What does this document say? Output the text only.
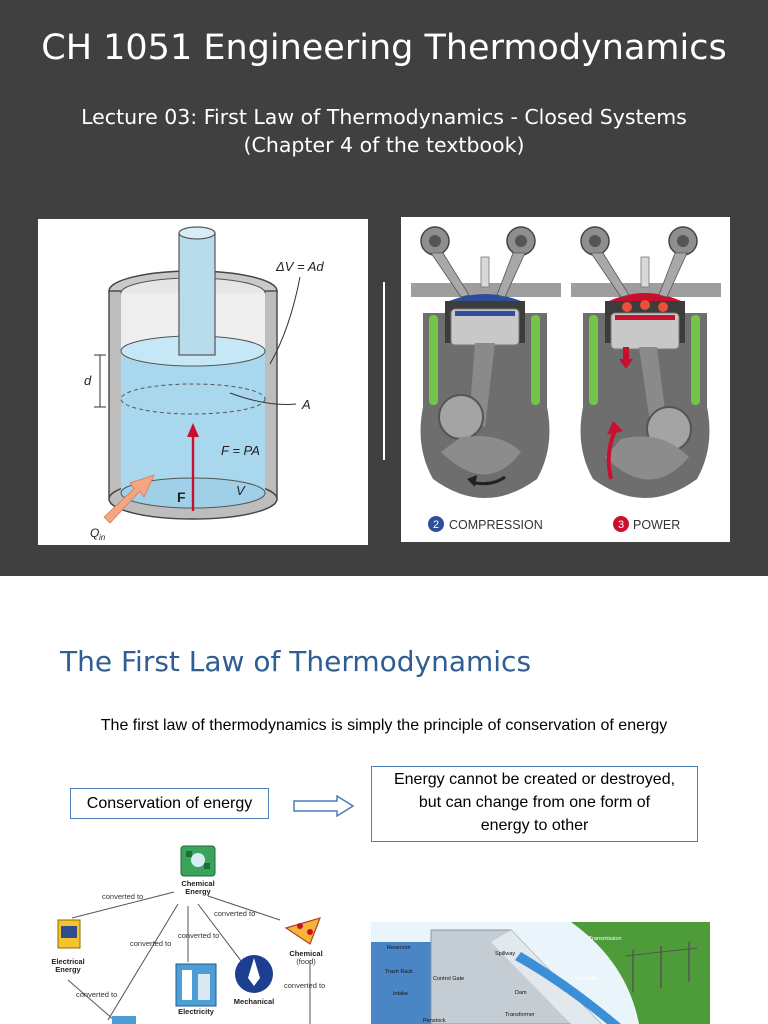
CH 1051 Engineering Thermodynamics
Lecture 03: First Law of Thermodynamics - Closed Systems
(Chapter 4 of the textbook)
d
ΔV = Ad
A
F = PA
F	V
Q in
2 COMPRESSION	3 POWER
The First Law of Thermodynamics

The first law of thermodynamics is simply the principle of conservation of energy

Conservation of energy
Energy cannot be created or destroyed,
but can change from one form of
energy to other
Chemical
Energy
Electrical
Energy
Chemical
(food)
Electricity
Mechanical
converted to
converted to
converted to
converted to
converted to
converted to
Reservoir
Spillway
Transmission
Trash Rack
Control Gate
Intake	Dam
Fishway
Transformer
Penstock
